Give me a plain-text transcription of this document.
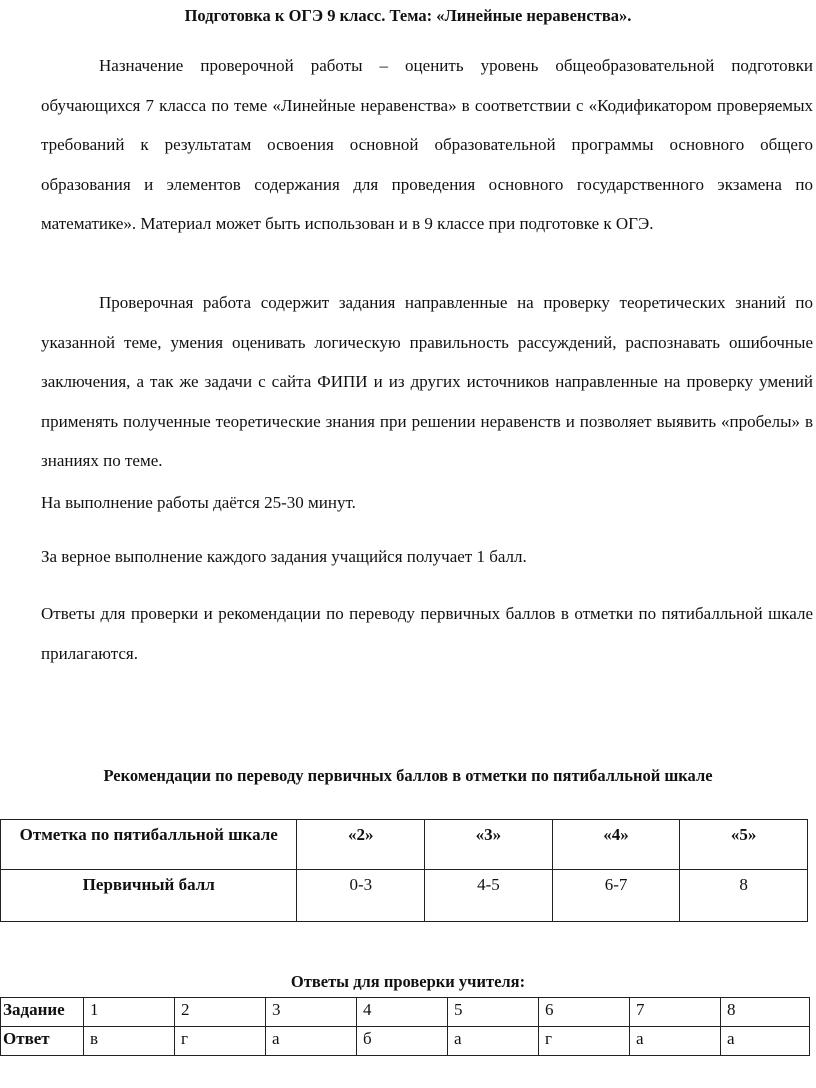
Подготовка к ОГЭ 9 класс. Тема: «Линейные неравенства».

Назначение проверочной работы – оценить уровень общеобразовательной подготовки обучающихся 7 класса по теме «Линейные неравенства» в соответствии с «Кодификатором проверяемых требований к результатам освоения основной образовательной программы основного общего образования и элементов содержания для проведения основного государственного экзамена по математике». Материал может быть использован и в 9 классе при подготовке к ОГЭ.

Проверочная работа содержит задания направленные на проверку теоретических знаний по указанной теме, умения оценивать логическую правильность рассуждений, распознавать ошибочные заключения, а так же задачи с сайта ФИПИ и из других источников направленные на проверку умений применять полученные теоретические знания при решении неравенств и позволяет выявить «пробелы» в знаниях по теме.

На выполнение работы даётся 25-30 минут.

За верное выполнение каждого задания учащийся получает 1 балл.

Ответы для проверки и рекомендации по переводу первичных баллов в отметки по пятибалльной шкале прилагаются.

Рекомендации по переводу первичных баллов в отметки по пятибалльной шкале
Отметка по пятибалльной шкале	«2»	«3»	«4»	«5»
Первичный балл	0-3	4-5	6-7	8
Ответы для проверки учителя:
Задание	1	2	3	4	5	6	7	8
Ответ	в	г	а	б	а	г	а	а
